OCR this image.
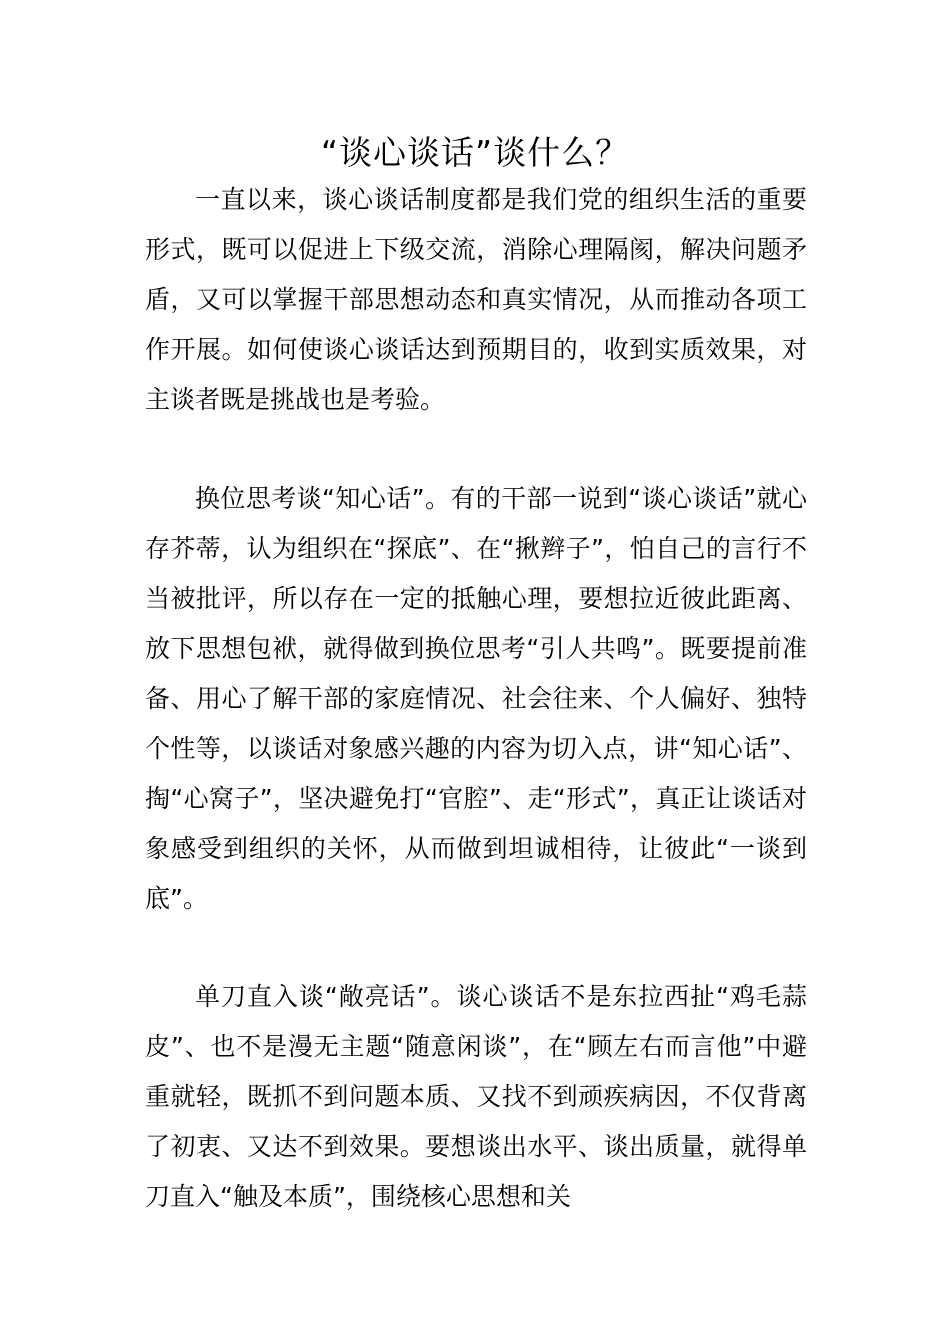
“谈心谈话”谈什么？

一直以来，谈心谈话制度都是我们党的组织生活的重要形式，既可以促进上下级交流，消除心理隔阂，解决问题矛盾，又可以掌握干部思想动态和真实情况，从而推动各项工作开展。如何使谈心谈话达到预期目的，收到实质效果，对主谈者既是挑战也是考验。

换位思考谈“知心话”。有的干部一说到“谈心谈话”就心存芥蒂，认为组织在“探底”、在“揪辫子”，怕自己的言行不当被批评，所以存在一定的抵触心理，要想拉近彼此距离、放下思想包袱，就得做到换位思考“引人共鸣”。既要提前准备、用心了解干部的家庭情况、社会往来、个人偏好、独特个性等，以谈话对象感兴趣的内容为切入点，讲“知心话”、掏“心窝子”，坚决避免打“官腔”、走“形式”，真正让谈话对象感受到组织的关怀，从而做到坦诚相待，让彼此“一谈到底”。

单刀直入谈“敞亮话”。谈心谈话不是东拉西扯“鸡毛蒜皮”、也不是漫无主题“随意闲谈”，在“顾左右而言他”中避重就轻，既抓不到问题本质、又找不到顽疾病因，不仅背离了初衷、又达不到效果。要想谈出水平、谈出质量，就得单刀直入“触及本质”，围绕核心思想和关
